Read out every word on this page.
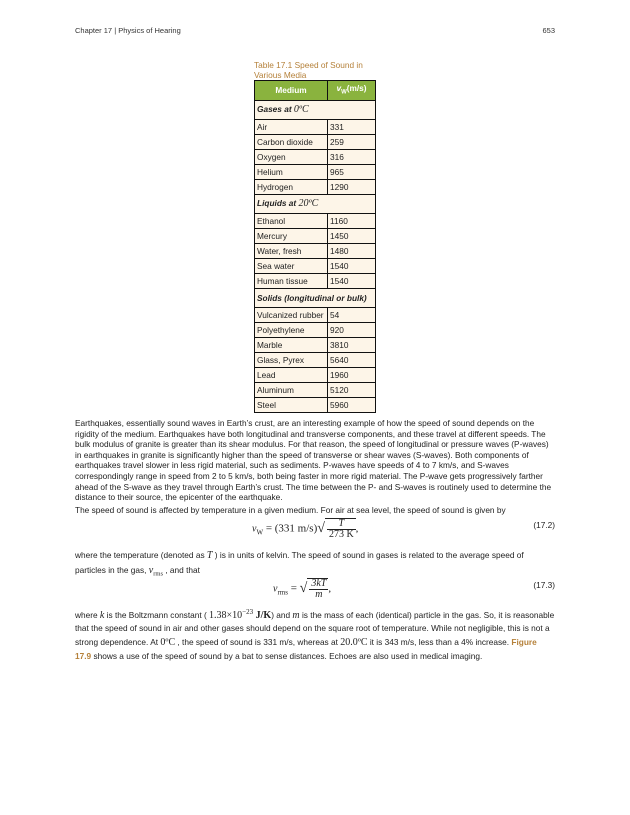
Chapter 17 | Physics of Hearing	653
Table 17.1 Speed of Sound in Various Media
Medium	$v_W(m/s)$
Gases at 0ºC	
Air	331
Carbon dioxide	259
Oxygen	316
Helium	965
Hydrogen	1290
Liquids at 20ºC	
Ethanol	1160
Mercury	1450
Water, fresh	1480
Sea water	1540
Human tissue	1540
Solids (longitudinal or bulk)	
Vulcanized rubber	54
Polyethylene	920
Marble	3810
Glass, Pyrex	5640
Lead	1960
Aluminum	5120
Steel	5960

Earthquakes, essentially sound waves in Earth’s crust, are an interesting example of how the speed of sound depends on the rigidity of the medium. Earthquakes have both longitudinal and transverse components, and these travel at different speeds. The bulk modulus of granite is greater than its shear modulus. For that reason, the speed of longitudinal or pressure waves (P-waves) in earthquakes in granite is significantly higher than the speed of transverse or shear waves (S-waves). Both components of earthquakes travel slower in less rigid material, such as sediments. P-waves have speeds of 4 to 7 km/s, and S-waves correspondingly range in speed from 2 to 5 km/s, both being faster in more rigid material. The P-wave gets progressively farther ahead of the S-wave as they travel through Earth’s crust. The time between the P- and S-waves is routinely used to determine the distance to their source, the epicenter of the earthquake.

The speed of sound is affected by temperature in a given medium. For air at sea level, the speed of sound is given by

$v_W = (331$ $m/s)√ \frac{T}{273 K}$ ,	(17.2)

where the temperature (denoted as T ) is in units of kelvin. The speed of sound in gases is related to the average speed of particles in the gas, $v_{rms}$ , and that

$v_{rms}$ = √ $\frac{3kT}{m}$ ,	(17.3)

where k is the Boltzmann constant ( $1.38\times 10^{-23}$ J/K) and m is the mass of each (identical) particle in the gas. So, it is reasonable that the speed of sound in air and other gases should depend on the square root of temperature. While not negligible, this is not a strong dependence. At 0ºC , the speed of sound is 331 m/s, whereas at 20.0ºC it is 343 m/s, less than a 4% increase. Figure 17.9 shows a use of the speed of sound by a bat to sense distances. Echoes are also used in medical imaging.
